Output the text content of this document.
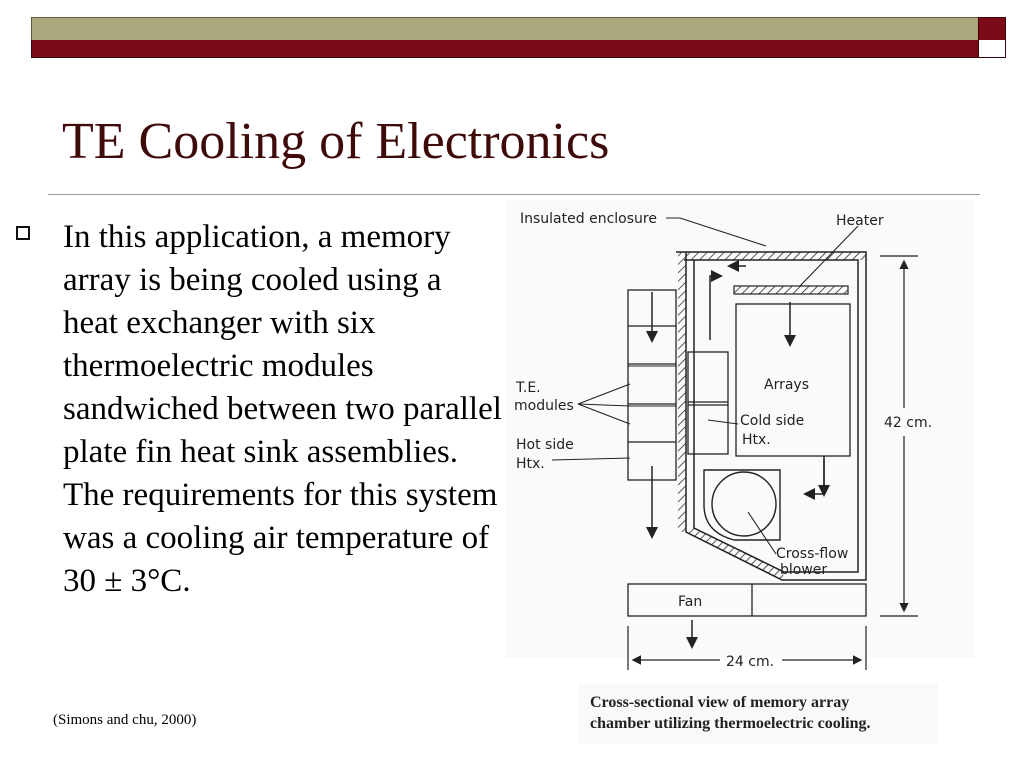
TE Cooling of Electronics

In this application, a memory array is being cooled using a heat exchanger with six thermoelectric modules sandwiched between two parallel plate fin heat sink assemblies. The requirements for this system was a cooling air temperature of 30 ± 3°C.

Insulated enclosure	Heater
T.E.
modules
Arrays
Cold side
Htx.
Hot side
Htx.
42 cm.
Cross-flow
blower
Fan
24 cm.
Cross-sectional view of memory array
chamber utilizing thermoelectric cooling.
(Simons and chu, 2000)
